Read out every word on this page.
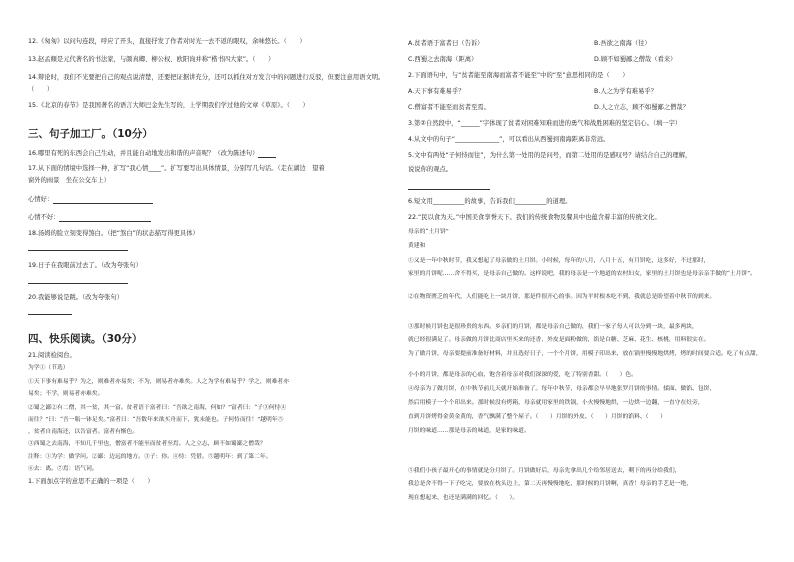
12.《匆匆》以问句连段，呼应了开头，直接抒发了作者对时光一去不返的眼叹，余味悠长。（　　）
13.赵孟頫是元代著名的书法家，与颜真卿、柳公权、欧阳询并称“楷书四大家”。（　　）
14.辩论时，我们不光要把自己的观点说清楚，还要把证据讲充分，还可以抓住对方发言中的问题进行反驳，但要注意用语文明。
（　　）
15.《北京的春节》是我国著名的语言大师巴金先生写的，上学期我们学过他的文章《草原》。（　　）
三、句子加工厂。（10分）
16.哪里有死的东西会自己生动，并且能自动地发出和谐的声音呢？（改为陈述句）
17.从下面的情境中选择一种，扩写“我心情____”。扩写要写出具体情景，分别写几句话。（走在湖边　望着
窗外的雨景　坐在公交车上）
心情好：
心情不好：
18.汤姆的脸立刻变得煞白。（把“煞白”的状态描写得更具体）
19.日子在我眼前过去了。（改为夸张句）
20.我能够说是跳。（改为夸张句）
四、快乐阅读。（30分）
21.阅读检阅台。
为学①（节选）
①天下事有难易乎？为之，则难者亦易矣；不为，则易者亦难矣。人之为学有难易乎？学之，则难者亦
易矣；不学，则易者亦难矣。
②蜀之鄙②有二僧，其一贫，其一富。贫者语于富者曰：“吾欲之南海，何如？”富者曰：“子③何恃④
而往？”曰：“吾一瓶一钵足矣。”富者曰：“吾数年来欲买舟而下，犹未能也。子何恃而往！”越明年⑤
，贫者自南海还，以告富者。富者有惭色。
③西蜀之去南海，不知几千里也，僧富者不能至而贫者至焉。人之立志，顾不如蜀鄙之僧哉？
注释：①为学：做学问。②鄙：边远的地方。③子：你。④恃：凭借。⑤越明年：到了第二年。
⑥去：离。⑦焉：语气词。
1.下面加点字的意思不正确的一项是（　　）
A.贫者语于富者曰（告诉）	B.吾欲之南海（往）
C.西蜀之去南海（距离）	D.顾不如蜀鄙之僧哉（看来）
2.下面语句中，与“贫者能至南海而富者不能至”中的“至”意思相同的是（　　）
A.天下事有难易乎？	B.人之为学有难易乎？
C.僧富者不能至而贫者至焉。	D.人之立志，顾不如蜀鄙之僧哉？
3.第②自然段中，“______”字体现了贫者对困难知难而进的勇气和战胜困难的坚定信心。（填一字）
4.从文中的句子“______________”，可以看出从西蜀到南海距离非常远。
5.文中有两处“子何恃而往”，为什么第一处用的是问号，而第二处用的是感叹号？请结合自己的理解，
说说你的观点。
6.短文用__________的故事，告诉我们__________的道理。
22.“民以食为天。”中国美食享誉天下。我们的传统食物及餐具中也蕴含着丰富的传统文化。
母亲的“土月饼”
黄建和
①又是一年中秋时节，我又想起了母亲做的土月饼。小时候，每年的八月，八月十五，有月饼吃，这多好，不过那时，
家里的月饼呢……舍不得买，是母亲自己做的。这样说吧，我的母亲是一个地道的农村妇女，家里的土月饼也是母亲亲手做的“土月饼”。
②在物资匮乏的年代，人们能吃上一块月饼，那是件很开心的事。因为平时根本吃不到，我就总是盼望着中秋节的到来。
③那时候月饼也是很珍贵的东西。乡亲们的月饼，都是母亲自己做的，我们一家子每人可以分到一块，最多两块，
就已经很满足了。母亲做的月饼比商店里买来的还香，外皮是面粉做的，馅是白糖、芝麻、花生、核桃，用料很实在。
为了做月饼，母亲要提前准备好材料，并且选好日子，一个个月饼，用模子印出来，放在锅里慢慢地烘烤，烤的时间要合适。吃了有点甜，
小小的月饼，都是母亲的心血，饱含着母亲对我们深深的爱，吃了特别香甜。（　　）色。
④母亲为了做月饼，在中秋节前几天就开始准备了。每年中秋节，母亲都会早早地张罗月饼的事情。揉面、做馅、包饼，
然后用模子一个个印出来。那时候没有烤箱，母亲就用家里的铁锅，小火慢慢地烘，一边烘一边翻，一直守在灶旁，
直到月饼烤得金黄金黄的，香气飘满了整个屋子。（　　）月饼的外皮、（　　）月饼的馅料、（　　）
月饼的味道……那是母亲的味道，是家的味道。
⑤我们小孩子最开心的事情就是分月饼了。月饼做好后，母亲先拿出几个给邻居送去，剩下的再分给我们，
我总是舍不得一下子吃完，要放在枕头边上，第二天再慢慢地吃，那时候的月饼啊，真香！母亲的手艺是一绝，
现在想起来，也还是满满的回忆。（　　）。
